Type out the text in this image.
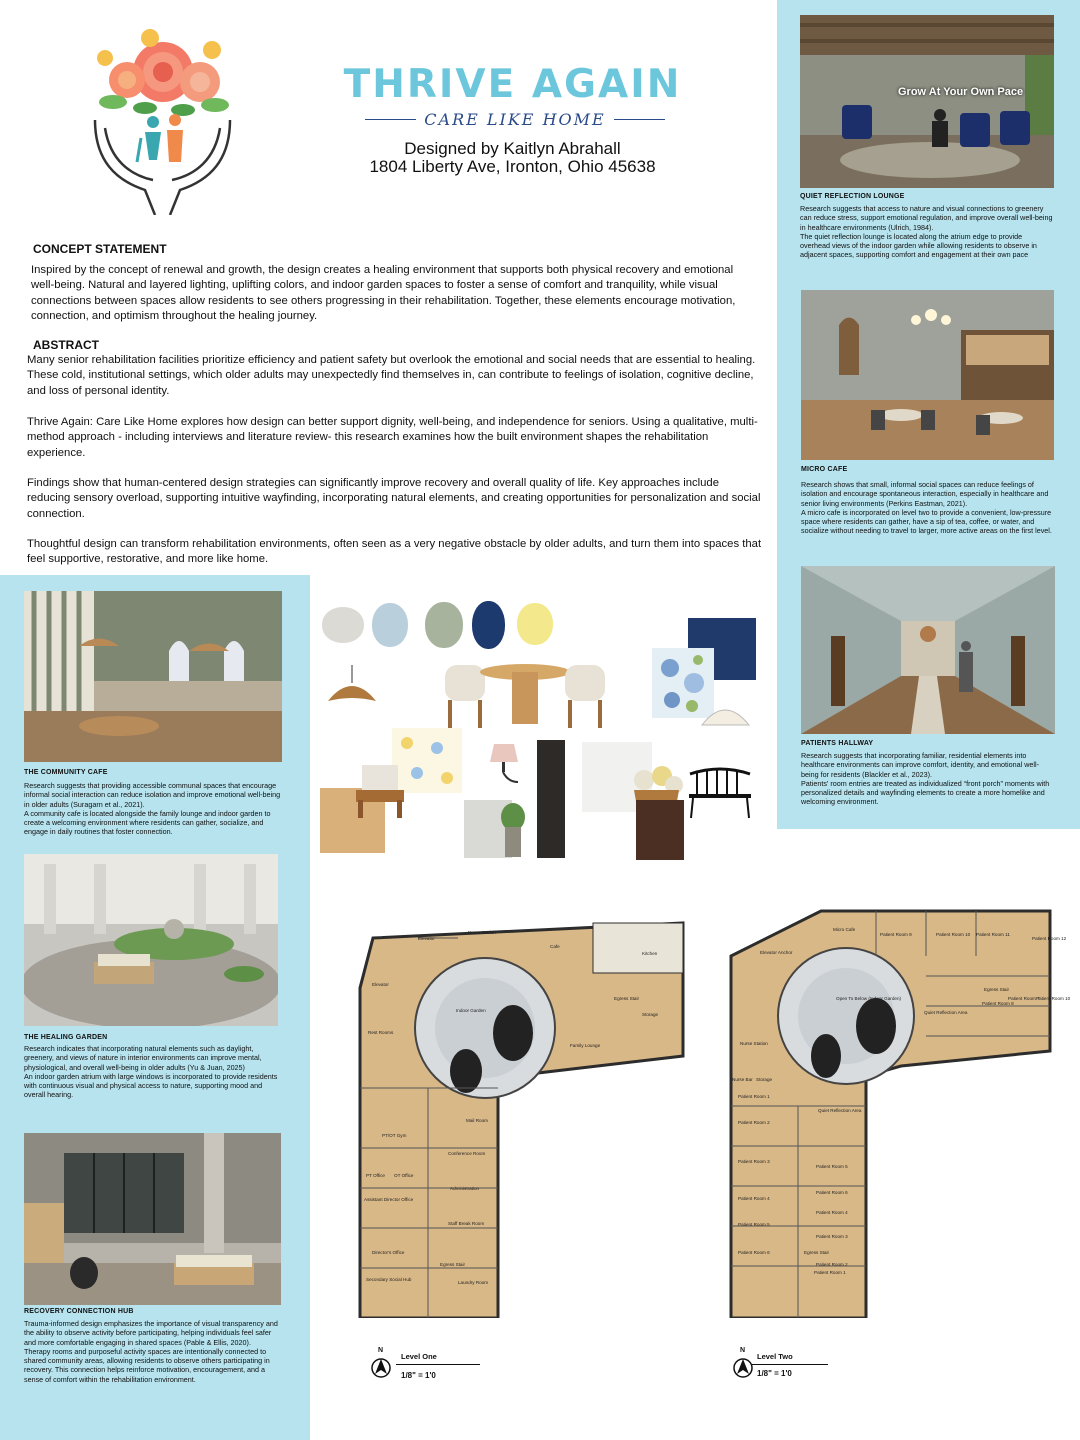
THRIVE AGAIN
CARE LIKE HOME
Designed by Kaitlyn Abrahall
1804 Liberty Ave, Ironton, Ohio 45638
CONCEPT STATEMENT
Inspired by the concept of renewal and growth, the design creates a healing environment that supports both physical recovery and emotional well-being. Natural and layered lighting, uplifting colors, and indoor garden spaces to foster a sense of comfort and tranquility, while visual connections between spaces allow residents to see others progressing in their rehabilitation. Together, these elements encourage motivation, connection, and optimism throughout the healing journey.
ABSTRACT
Many senior rehabilitation facilities prioritize efficiency and patient safety but overlook the emotional and social needs that are essential to healing. These cold, institutional settings, which older adults may unexpectedly find themselves in, can contribute to feelings of isolation, cognitive decline, and loss of personal identity.
Thrive Again: Care Like Home explores how design can better support dignity, well-being, and independence for seniors. Using a qualitative, multi-method approach - including interviews and literature review- this research examines how the built environment shapes the rehabilitation experience.
Findings show that human-centered design strategies can significantly improve recovery and overall quality of life. Key approaches include reducing sensory overload, supporting intuitive wayfinding, incorporating natural elements, and creating opportunities for personalization and social connection.
Thoughtful design can transform rehabilitation environments, often seen as a very negative obstacle by older adults, and turn them into spaces that feel supportive, restorative, and more like home.
Grow At Your Own Pace
QUIET REFLECTION LOUNGE
Research suggests that access to nature and visual connections to greenery can reduce stress, support emotional regulation, and improve overall well-being in healthcare environments (Ulrich, 1984).
The quiet reflection lounge is located along the atrium edge to provide overhead views of the indoor garden while allowing residents to observe in adjacent spaces, supporting comfort and engagement at their own pace
MICRO CAFE
Research shows that small, informal social spaces can reduce feelings of isolation and encourage spontaneous interaction, especially in healthcare and senior living environments (Perkins Eastman, 2021).
A micro cafe is incorporated on level two to provide a convenient, low-pressure space where residents can gather, have a sip of tea, coffee, or water, and socialize without needing to travel to larger, more active areas on the first level.
PATIENTS HALLWAY
Research suggests that incorporating familiar, residential elements into healthcare environments can improve comfort, identity, and emotional well-being for residents (Blackler et al., 2023).
Patients' room entries are treated as individualized “front porch” moments with personalized details and wayfinding elements to create a more homelike and welcoming environment.
THE COMMUNITY CAFE
Research suggests that providing accessible communal spaces that encourage informal social interaction can reduce isolation and improve emotional well-being in older adults (Suragarn et al., 2021).
A community cafe is located alongside the family lounge and indoor garden to create a welcoming environment where residents can gather, socialize, and engage in daily routines that foster connection.
THE HEALING GARDEN
Research indicates that incorporating natural elements such as daylight, greenery, and views of nature in interior environments can improve mental, physiological, and overall well-being in older adults (Yu & Juan, 2025)
An indoor garden atrium with large windows is incorporated to provide residents with continuous visual and physical access to nature, supporting mood and overall hearing.
RECOVERY CONNECTION HUB
Trauma-informed design emphasizes the importance of visual transparency and the ability to observe activity before participating, helping individuals feel safer and more comfortable engaging in shared spaces (Pable & Ellis, 2020).
Therapy rooms and purposeful activity spaces are intentionally connected to shared community areas, allowing residents to observe others participating in recovery. This connection helps reinforce motivation, encouragement, and a sense of comfort within the rehabilitation environment.
N
Level One
1/8" = 1'0
N
Level Two
1/8" = 1'0
Nurse Station
Elevator
Elevator
Cafe
Kitchen
Indoor Garden
Storage
Family Lounge
Egress Stair
Rest Rooms
PT/OT Gym
Mail Room
Conference Room
PT Office OT Office
Administration
Assistant Director Office
Staff Break Room
Director's Office
Egress Stair
Laundry Room
Secondary Social Hub
Micro Cafe
Patient Room 9	Patient Room 10 Patient Room 11
Patient Room 12
Elevator Anchor
Open To Below (Indoor Garden)
Egress Stair
Patient Room 8
Patient Room 7
Patient Room 10
Quiet Reflection Area
Nurse Station
Nurse Bar Storage
Patient Room 1
Patient Room 2
Patient Room 3
Patient Room 4
Patient Room 5
Patient Room 6
Quiet Reflection Area
Patient Room 5
Patient Room 6
Patient Room 4
Patient Room 3
Egress Stair
Patient Room 2
Patient Room 1
